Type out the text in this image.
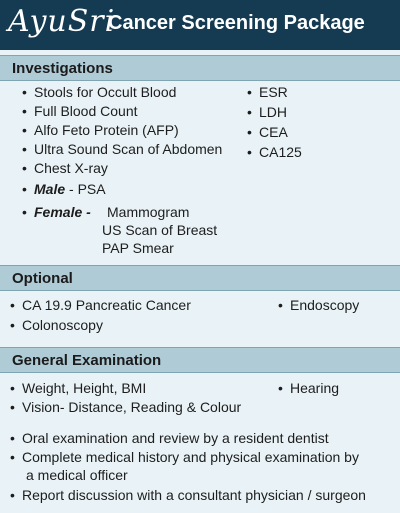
AyuSri
Cancer Screening Package
Investigations
• Stools for Occult Blood
• Full Blood Count
• Alfo Feto Protein (AFP)
• Ultra Sound Scan of Abdomen
• Chest X-ray
• Male - PSA
• Female - Mammogram
US Scan of Breast
PAP Smear
• ESR
• LDH
• CEA
• CA125
Optional
• CA 19.9 Pancreatic Cancer
• Colonoscopy
• Endoscopy
General Examination
• Weight, Height, BMI
• Vision- Distance, Reading & Colour
• Hearing
• Oral examination and review by a resident dentist
• Complete medical history and physical examination by
a medical officer
• Report discussion with a consultant physician / surgeon
